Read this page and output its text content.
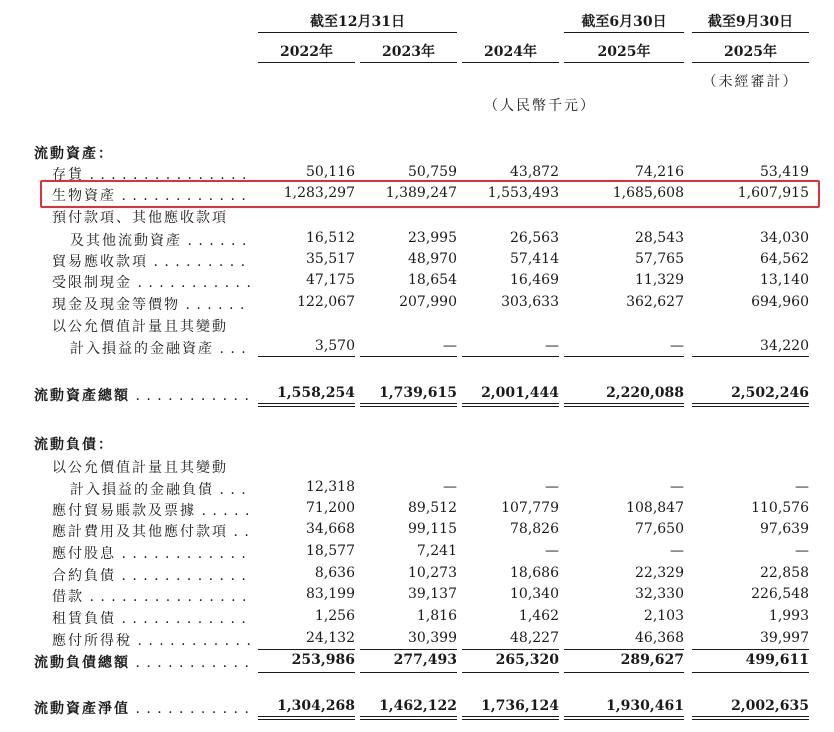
截至12月31日	截至6月30日	截至9月30日
2022年	2023年	2024年	2025年	2025年
（未經審計）
（人民幣千元）
流動資產：
存貨 . . .	50,116	50,759	43,872	74,216	53,419
生物資產 . . .	1,283,297	1,389,247	1,553,493	1,685,608	1,607,915
預付款項、其他應收款項
及其他流動資產 . . .	16,512	23,995	26,563	28,543	34,030
貿易應收款項 . . .	35,517	48,970	57,414	57,765	64,562
受限制現金 . . .	47,175	18,654	16,469	11,329	13,140
現金及現金等價物 . . .	122,067	207,990	303,633	362,627	694,960
以公允價值計量且其變動
計入損益的金融資產 . . .	3,570	—	—	—	34,220
流動資產總額 . . .	1,558,254	1,739,615	2,001,444	2,220,088	2,502,246
流動負債：
以公允價值計量且其變動
計入損益的金融負債 . . .	12,318	—	—	—	—
應付貿易賬款及票據 . . .	71,200	89,512	107,779	108,847	110,576
應計費用及其他應付款項 . . .	34,668	99,115	78,826	77,650	97,639
應付股息 . . .	18,577	7,241	—	—	—
合約負債 . . .	8,636	10,273	18,686	22,329	22,858
借款 . . .	83,199	39,137	10,340	32,330	226,548
租賃負債 . . .	1,256	1,816	1,462	2,103	1,993
應付所得稅 . . .	24,132	30,399	48,227	46,368	39,997
流動負債總額 . . .	253,986	277,493	265,320	289,627	499,611
流動資產淨值 . . .	1,304,268	1,462,122	1,736,124	1,930,461	2,002,635
